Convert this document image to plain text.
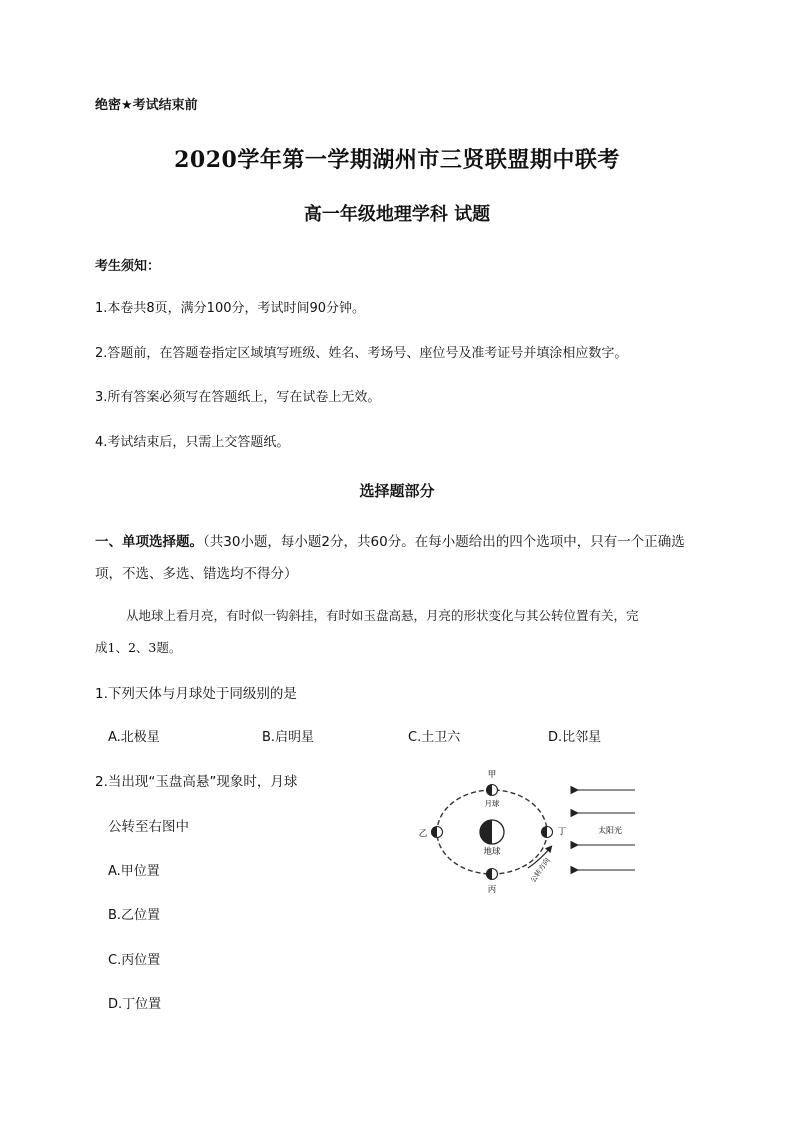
绝密★考试结束前
2020学年第一学期湖州市三贤联盟期中联考
高一年级地理学科 试题
考生须知：
1.本卷共8页，满分100分，考试时间90分钟。
2.答题前，在答题卷指定区域填写班级、姓名、考场号、座位号及准考证号并填涂相应数字。
3.所有答案必须写在答题纸上，写在试卷上无效。
4.考试结束后，只需上交答题纸。
选择题部分
一、单项选择题。（共30小题，每小题2分，共60分。在每小题给出的四个选项中，只有一个正确选
项，不选、多选、错选均不得分）
从地球上看月亮，有时似一钩斜挂，有时如玉盘高悬，月亮的形状变化与其公转位置有关，完
成1、2、3题。
1.下列天体与月球处于同级别的是
A.北极星	B.启明星	C.土卫六	D.比邻星
2.当出现“玉盘高悬”现象时，月球
公转至右图中
A.甲位置
B.乙位置
C.丙位置
D.丁位置
地球
甲
月球
乙
丙
丁
公转方向
太阳光
